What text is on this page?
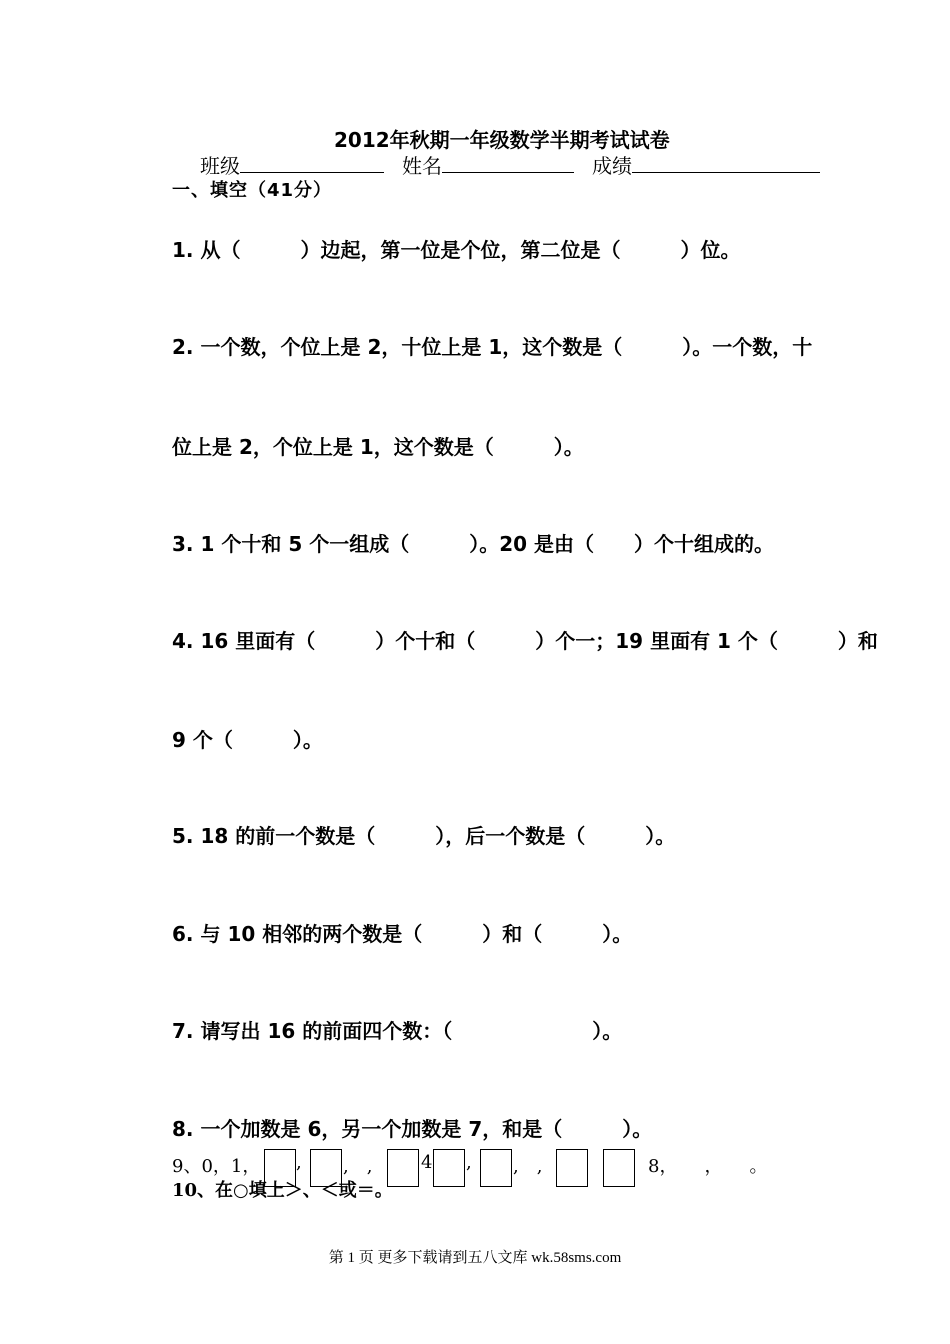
2012年秋期一年级数学半期考试试卷
班级	姓名	成绩
一、填空（41分）
1. 从（　　　）边起，第一位是个位，第二位是（　　　）位。
2. 一个数，个位上是 2，十位上是 1，这个数是（　　　）。一个数，十
位上是 2，个位上是 1，这个数是（　　　）。
3. 1 个十和 5 个一组成（　　　）。20 是由（　　）个十组成的。
4. 16 里面有（　　　）个十和（　　　）个一；19 里面有 1 个（　　　）和
9 个（　　　）。
5. 18 的前一个数是（　　　），后一个数是（　　　）。
6. 与 10 相邻的两个数是（　　　）和（　　　）。
7. 请写出 16 的前面四个数：（　　　　　　　）。
8. 一个加数是 6，另一个加数是 7，和是（　　　）。
9、0，1， , ,　,	4 , ,　,	8，　　，　　。
10、在○填上＞、＜或＝。
第 1 页 更多下载请到五八文库 wk.58sms.com
